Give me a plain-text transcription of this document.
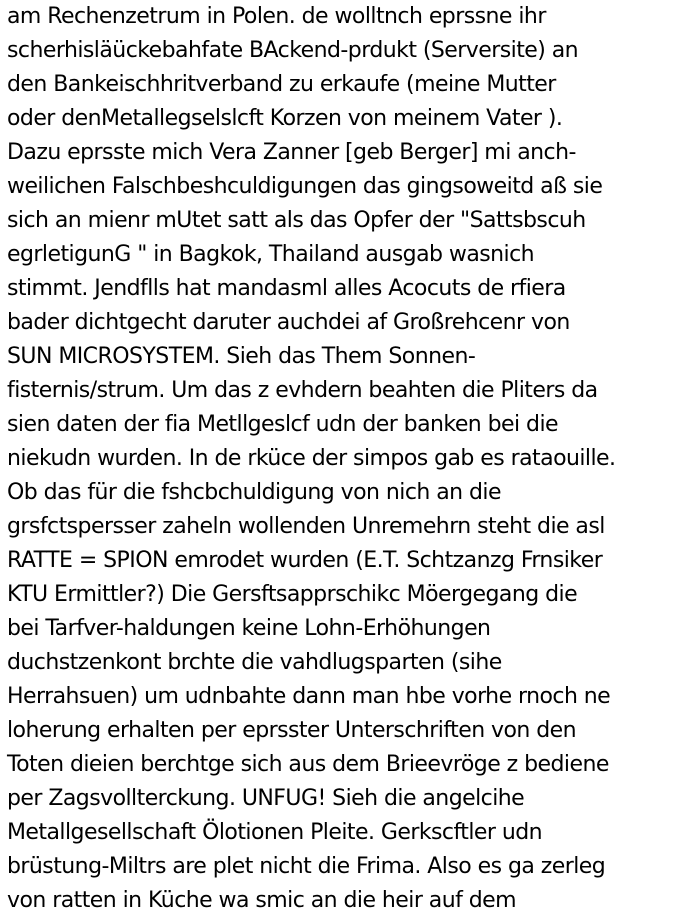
am Rechenzetrum in Polen. de wolltnch eprssne ihr
scherhisläückebahfate BAckend-prdukt (Serversite) an
den Bankeischhritverband zu erkaufe (meine Mutter
oder denMetallegselslcft Korzen von meinem Vater ).
Dazu eprsste mich Vera Zanner [geb Berger] mi anch-
weilichen Falschbeshculdigungen das gingsoweitd aß sie
sich an mienr mUtet satt als das Opfer der "Sattsbscuh
egrletigunG " in Bagkok, Thailand ausgab wasnich
stimmt. Jendflls hat mandasml alles Acocuts de rfiera
bader dichtgecht daruter auchdei af Großrehcenr von
SUN MICROSYSTEM. Sieh das Them Sonnen-
fisternis/strum. Um das z evhdern beahten die Pliters da
sien daten der fia Metllgeslcf udn der banken bei die
niekudn wurden. In de rküce der simpos gab es rataouille.
Ob das für die fshcbchuldigung von nich an die
grsfctspersser zaheln wollenden Unremehrn steht die asl
RATTE = SPION emrodet wurden (E.T. Schtzanzg Frnsiker
KTU Ermittler?) Die Gersftsapprschikc Möergegang die
bei Tarfver-haldungen keine Lohn-Erhöhungen
duchstzenkont brchte die vahdlugsparten (sihe
Herrahsuen) um udnbahte dann man hbe vorhe rnoch ne
loherung erhalten per eprsster Unterschriften von den
Toten dieien berchtge sich aus dem Brieevröge z bediene
per Zagsvollterckung. UNFUG! Sieh die angelcihe
Metallgesellschaft Ölotionen Pleite. Gerkscftler udn
brüstung-Miltrs are plet nicht die Frima. Also es ga zerleg
von ratten in Küche wa smic an die heir auf dem
